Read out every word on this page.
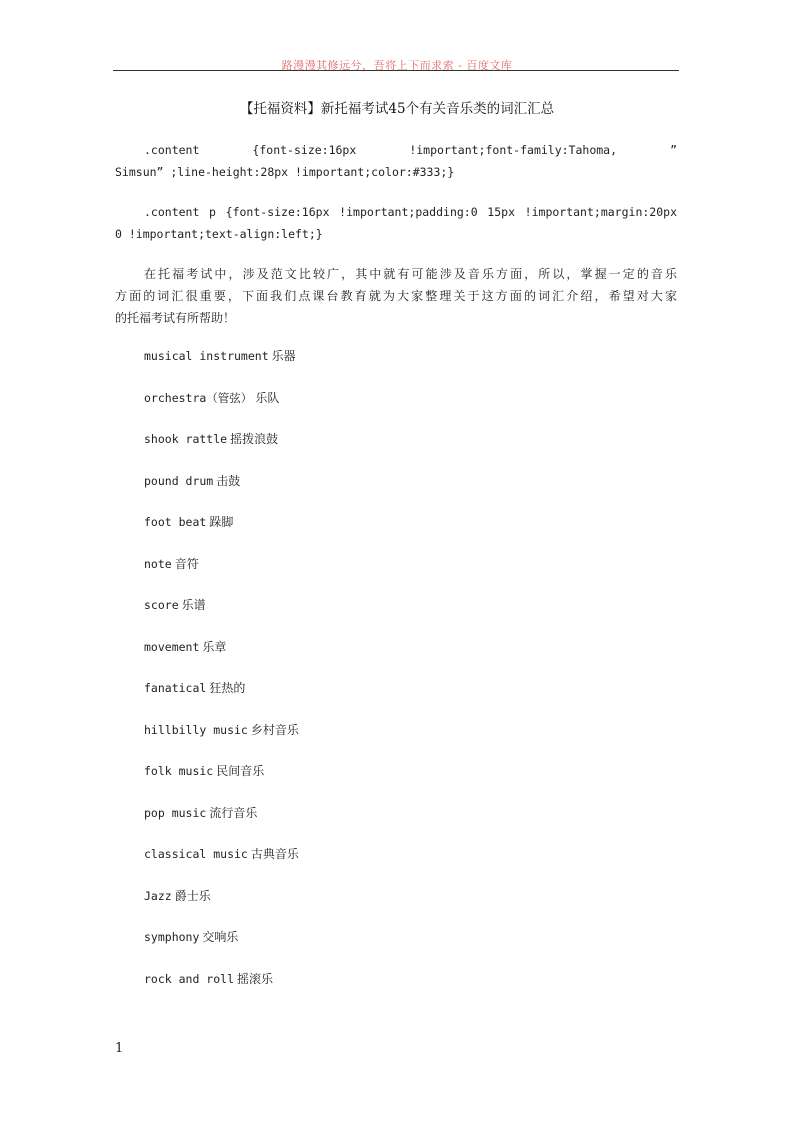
路漫漫其修远兮，吾将上下而求索 - 百度文库
【托福资料】新托福考试45个有关音乐类的词汇汇总
.content {font-size:16px !important;font-family:Tahoma, ”
Simsun” ;line-height:28px !important;color:#333;}
.content p {font-size:16px !important;padding:0 15px !important;margin:20px
0 !important;text-align:left;}
在托福考试中，涉及范文比较广，其中就有可能涉及音乐方面，所以，掌握一定的音乐
方面的词汇很重要，下面我们点课台教育就为大家整理关于这方面的词汇介绍，希望对大家
的托福考试有所帮助！
musical instrument 乐器
orchestra（管弦） 乐队
shook rattle 摇拨浪鼓
pound drum 击鼓
foot beat 跺脚
note 音符
score 乐谱
movement 乐章
fanatical 狂热的
hillbilly music 乡村音乐
folk music 民间音乐
pop music 流行音乐
classical music 古典音乐
Jazz 爵士乐
symphony 交响乐
rock and roll 摇滚乐
1
